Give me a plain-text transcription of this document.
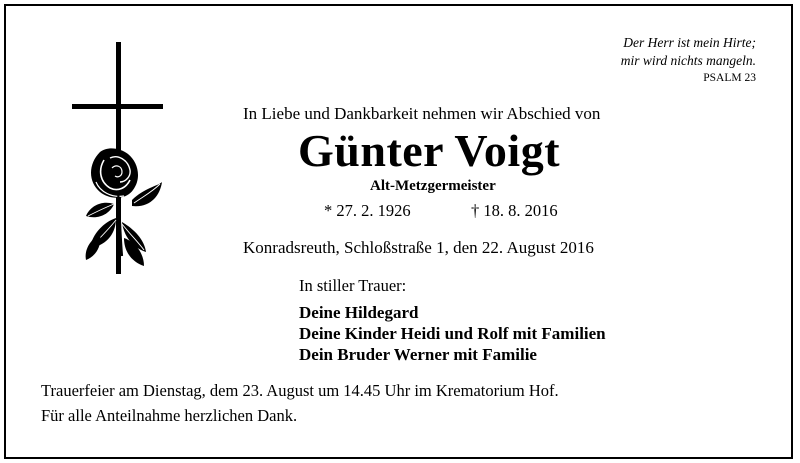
Der Herr ist mein Hirte;
mir wird nichts mangeln.
PSALM 23
In Liebe und Dankbarkeit nehmen wir Abschied von
Günter Voigt
Alt-Metzgermeister
* 27. 2. 1926	† 18. 8. 2016
Konradsreuth, Schloßstraße 1, den 22. August 2016
In stiller Trauer:
Deine Hildegard
Deine Kinder Heidi und Rolf mit Familien
Dein Bruder Werner mit Familie
Trauerfeier am Dienstag, dem 23. August um 14.45 Uhr im Krematorium Hof.
Für alle Anteilnahme herzlichen Dank.
